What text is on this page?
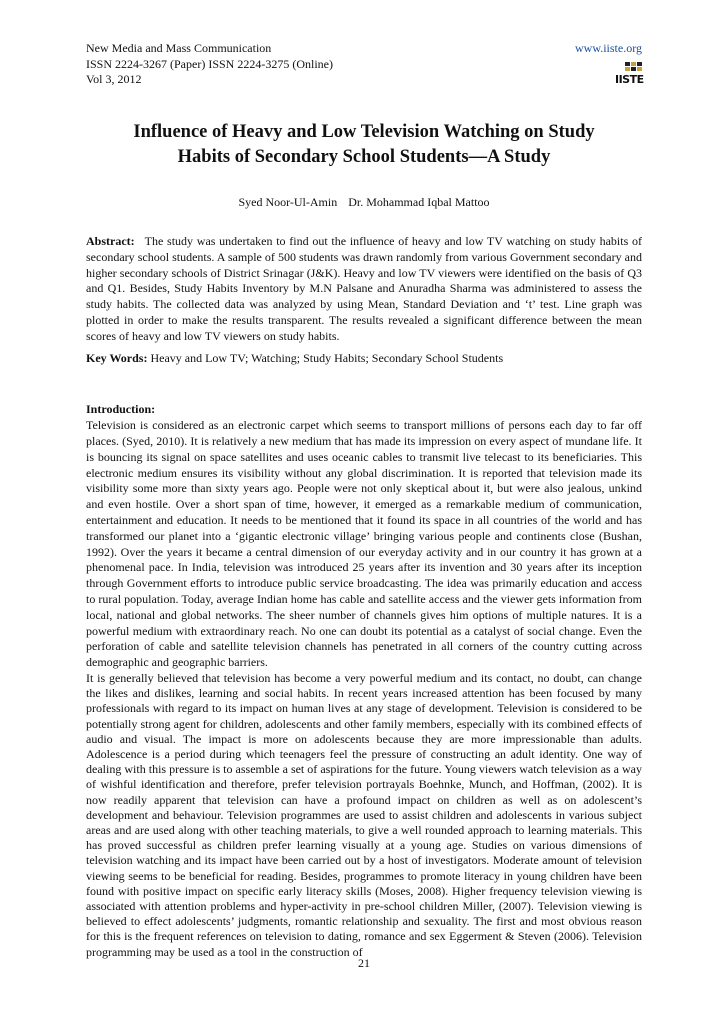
New Media and Mass Communication
ISSN 2224-3267 (Paper) ISSN 2224-3275 (Online)
Vol 3, 2012
www.iiste.org
IISTE
Influence of Heavy and Low Television Watching on Study
Habits of Secondary School Students—A Study
Syed Noor-Ul-Amin Dr. Mohammad Iqbal Mattoo

Abstract: The study was undertaken to find out the influence of heavy and low TV watching on study habits of secondary school students. A sample of 500 students was drawn randomly from various Government secondary and higher secondary schools of District Srinagar (J&K). Heavy and low TV viewers were identified on the basis of Q3 and Q1. Besides, Study Habits Inventory by M.N Palsane and Anuradha Sharma was administered to assess the study habits. The collected data was analyzed by using Mean, Standard Deviation and ‘t’ test. Line graph was plotted in order to make the results transparent. The results revealed a significant difference between the mean scores of heavy and low TV viewers on study habits.

Key Words: Heavy and Low TV; Watching; Study Habits; Secondary School Students

Introduction:

Television is considered as an electronic carpet which seems to transport millions of persons each day to far off places. (Syed, 2010). It is relatively a new medium that has made its impression on every aspect of mundane life. It is bouncing its signal on space satellites and uses oceanic cables to transmit live telecast to its beneficiaries. This electronic medium ensures its visibility without any global discrimination. It is reported that television made its visibility some more than sixty years ago. People were not only skeptical about it, but were also jealous, unkind and even hostile. Over a short span of time, however, it emerged as a remarkable medium of communication, entertainment and education. It needs to be mentioned that it found its space in all countries of the world and has transformed our planet into a ‘gigantic electronic village’ bringing various people and continents close (Bushan, 1992). Over the years it became a central dimension of our everyday activity and in our country it has grown at a phenomenal pace. In India, television was introduced 25 years after its invention and 30 years after its inception through Government efforts to introduce public service broadcasting. The idea was primarily education and access to rural population. Today, average Indian home has cable and satellite access and the viewer gets information from local, national and global networks. The sheer number of channels gives him options of multiple natures. It is a powerful medium with extraordinary reach. No one can doubt its potential as a catalyst of social change. Even the perforation of cable and satellite television channels has penetrated in all corners of the country cutting across demographic and geographic barriers.

It is generally believed that television has become a very powerful medium and its contact, no doubt, can change the likes and dislikes, learning and social habits. In recent years increased attention has been focused by many professionals with regard to its impact on human lives at any stage of development. Television is considered to be potentially strong agent for children, adolescents and other family members, especially with its combined effects of audio and visual. The impact is more on adolescents because they are more impressionable than adults. Adolescence is a period during which teenagers feel the pressure of constructing an adult identity. One way of dealing with this pressure is to assemble a set of aspirations for the future. Young viewers watch television as a way of wishful identification and therefore, prefer television portrayals Boehnke, Munch, and Hoffman, (2002). It is now readily apparent that television can have a profound impact on children as well as on adolescent’s development and behaviour. Television programmes are used to assist children and adolescents in various subject areas and are used along with other teaching materials, to give a well rounded approach to learning materials. This has proved successful as children prefer learning visually at a young age. Studies on various dimensions of television watching and its impact have been carried out by a host of investigators. Moderate amount of television viewing seems to be beneficial for reading. Besides, programmes to promote literacy in young children have been found with positive impact on specific early literacy skills (Moses, 2008). Higher frequency television viewing is associated with attention problems and hyper-activity in pre-school children Miller, (2007). Television viewing is believed to effect adolescents’ judgments, romantic relationship and sexuality. The first and most obvious reason for this is the frequent references on television to dating, romance and sex Eggerment & Steven (2006). Television programming may be used as a tool in the construction of

21
